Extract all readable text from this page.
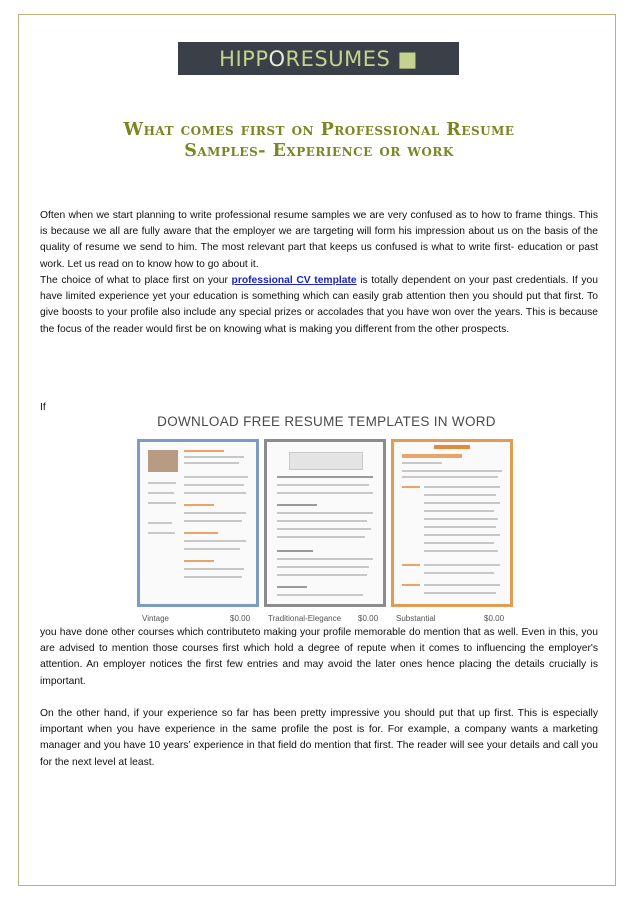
HIPPORESUMES ■
What comes first on Professional Resume
Samples- Experience or work

Often when we start planning to write professional resume samples we are very confused as to how to frame things. This is because we all are fully aware that the employer we are targeting will form his impression about us on the basis of the quality of resume we send to him. The most relevant part that keeps us confused is what to write first- education or past work. Let us read on to know how to go about it.

The choice of what to place first on your professional CV template is totally dependent on your past credentials. If you have limited experience yet your education is something which can easily grab attention then you should put that first. To give boosts to your profile also include any special prizes or accolades that you have won over the years. This is because the focus of the reader would first be on knowing what is making you different from the other prospects.

If
DOWNLOAD FREE RESUME TEMPLATES IN WORD
Vintage	$0.00 Traditional-Elegance $0.00 Substantial	$0.00

you have done other courses which contributeto making your profile memorable do mention that as well. Even in this, you are advised to mention those courses first which hold a degree of repute when it comes to influencing the employer's attention. An employer notices the first few entries and may avoid the later ones hence placing the details crucially is important.

On the other hand, if your experience so far has been pretty impressive you should put that up first. This is especially important when you have experience in the same profile the post is for. For example, a company wants a marketing manager and you have 10 years’ experience in that field do mention that first. The reader will see your details and call you for the next level at least.
